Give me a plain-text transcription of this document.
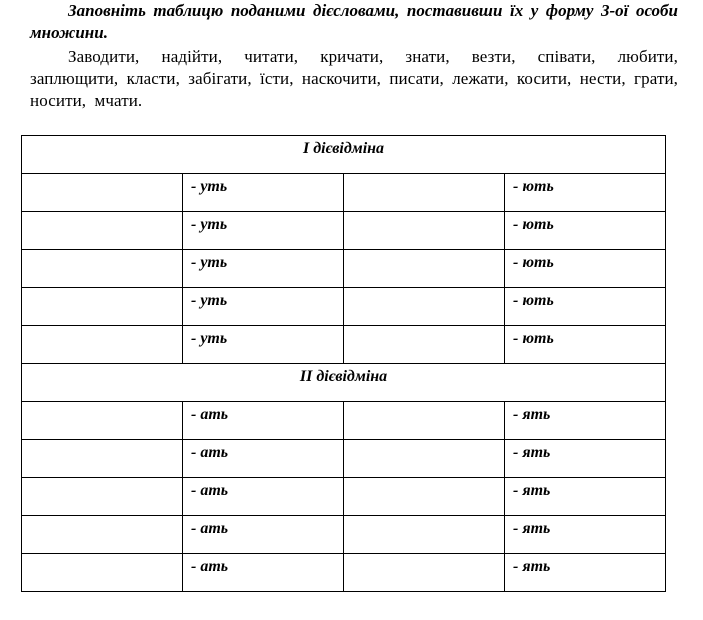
Заповніть таблицю поданими дієсловами, поставивши їх у форму 3-ої особи множини.

Заводити, надійти, читати, кричати, знати, везти, співати, любити, заплющити, класти, забігати, їсти, наскочити, писати, лежати, косити, нести, грати, носити, мчати.

І дієвідміна			
	- уть		- ють
	- уть		- ють
	- уть		- ють
	- уть		- ють
	- уть		- ють
ІІ дієвідміна			
	- ать		- ять
	- ать		- ять
	- ать		- ять
	- ать		- ять
	- ать		- ять
